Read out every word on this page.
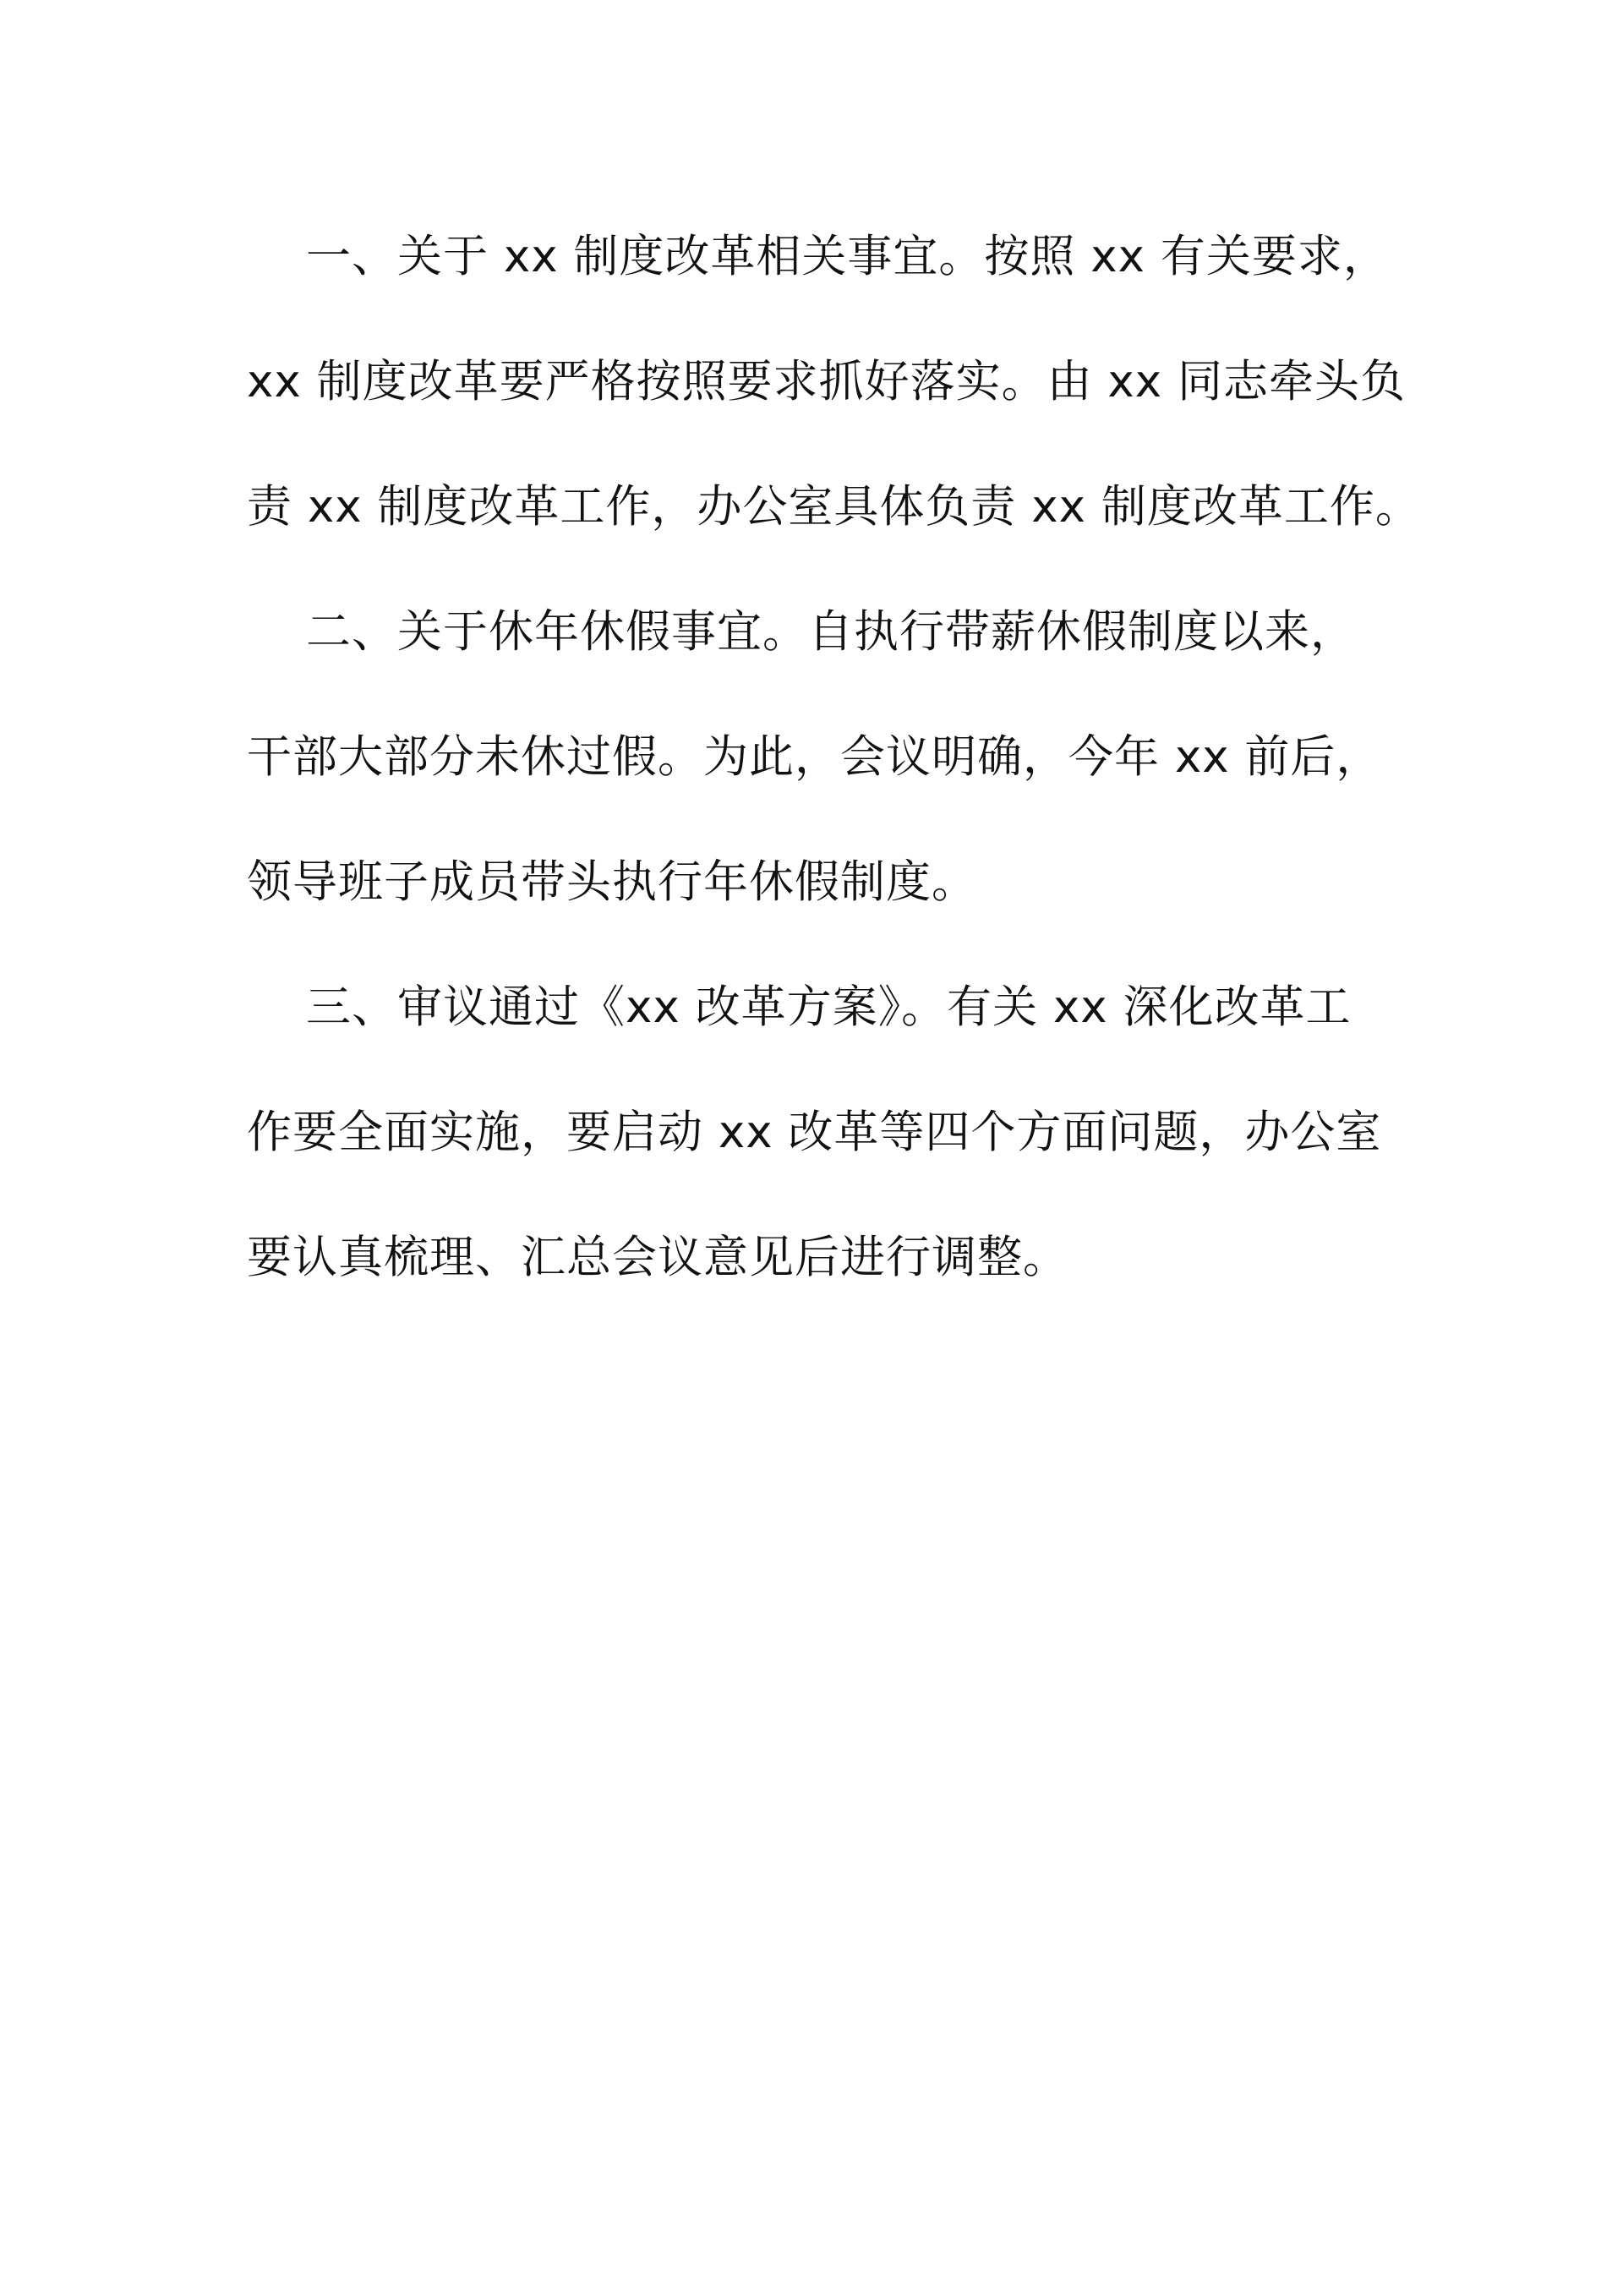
一、关于 xx 制度改革相关事宜。按照 xx 有关要求，
xx 制度改革要严格按照要求抓好落实。由 xx 同志牵头负
责 xx 制度改革工作，办公室具体负责 xx 制度改革工作。
二、关于休年休假事宜。自执行带薪休假制度以来，
干部大部分未休过假。为此，会议明确，今年 xx 前后，
领导班子成员带头执行年休假制度。
三、审议通过《xx 改革方案》。有关 xx 深化改革工
作要全面实施，要启动 xx 改革等四个方面问题，办公室
要认真梳理、汇总会议意见后进行调整。
